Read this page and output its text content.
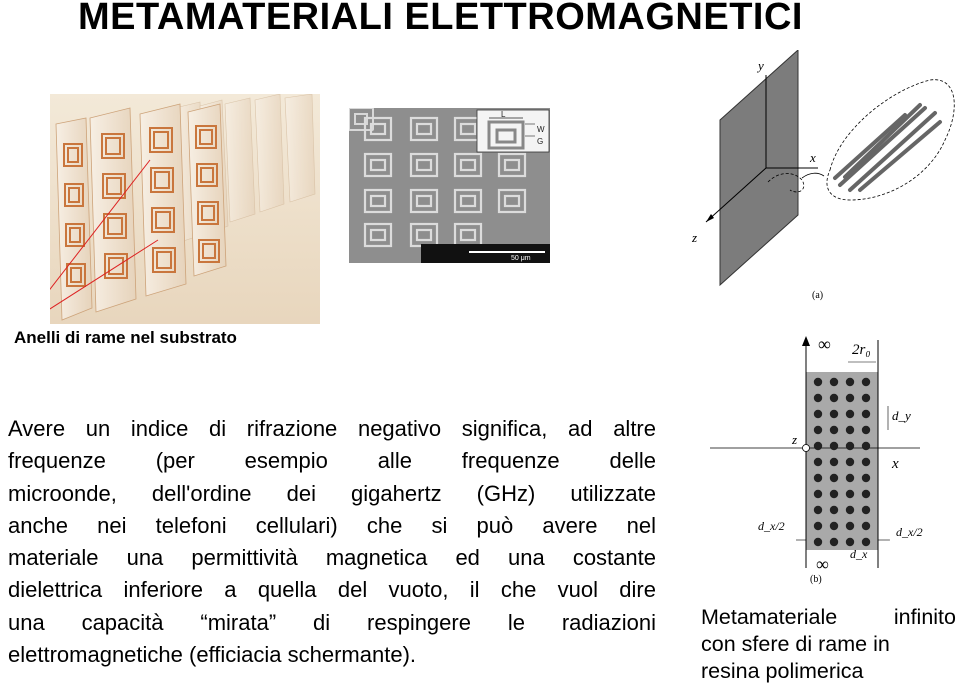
METAMATERIALI ELETTROMAGNETICI
Anelli di rame nel substrato
L
W
G
50 μm
y
x
z
(a)
∞ 2r₀
z
x
d_y
d_x/2	d_x/2
∞ d_x
(b)
Avere un indice di rifrazione negativo significa, ad altre
frequenze (per esempio alle frequenze delle
microonde, dell'ordine dei gigahertz (GHz) utilizzate
anche nei telefoni cellulari) che si può avere nel
materiale una permittività magnetica ed una costante
dielettrica inferiore a quella del vuoto, il che vuol dire
una capacità “mirata” di respingere le radiazioni
elettromagnetiche (efficiacia schermante).
Metamateriale infinito
con sfere di rame in
resina polimerica
